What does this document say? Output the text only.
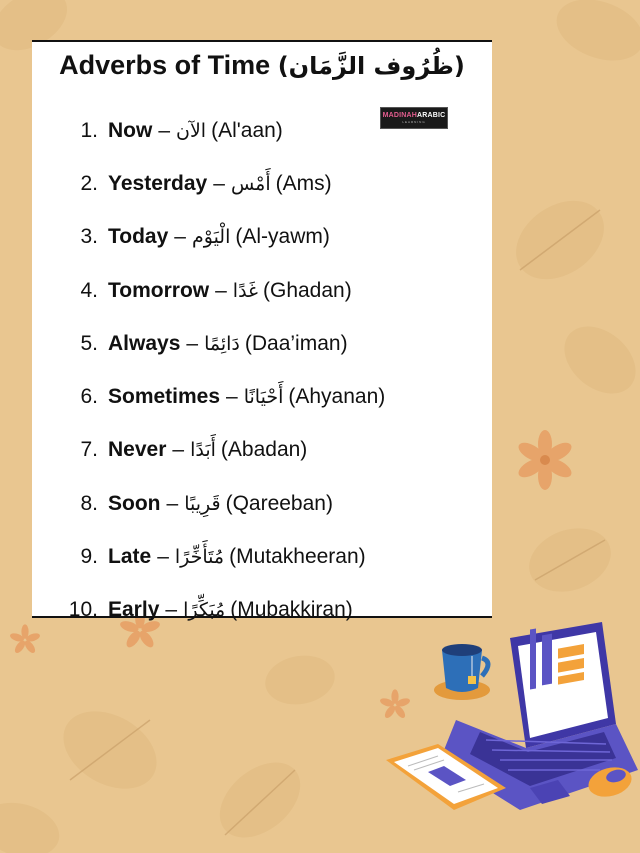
Adverbs of Time (ظُرُوف الزَّمَان)
MADINAHARABIC
LEARNING
1. Now – الآن (Al'aan)
2. Yesterday – أَمْس (Ams)
3. Today – الْيَوْم (Al-yawm)
4. Tomorrow – غَدًا (Ghadan)
5. Always – دَائِمًا (Daa’iman)
6. Sometimes – أَحْيَانًا (Ahyanan)
7. Never – أَبَدًا (Abadan)
8. Soon – قَرِيبًا (Qareeban)
9. Late – مُتَأَخِّرًا (Mutakheeran)
10. Early – مُبَكِّرًا (Mubakkiran)
